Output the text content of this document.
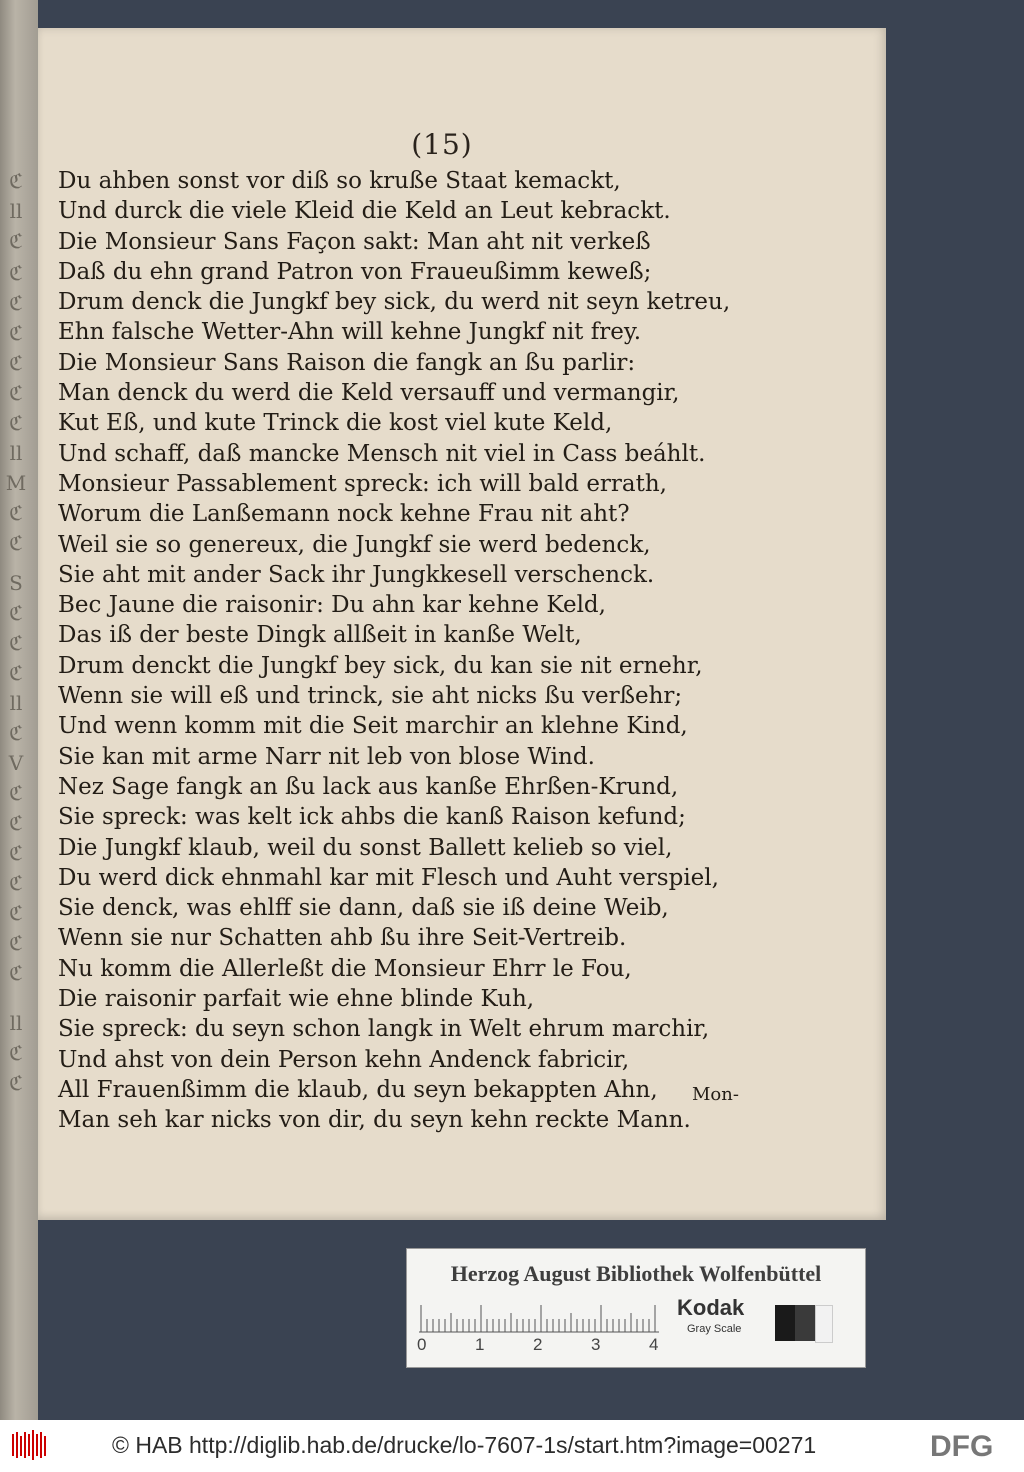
ℭ
ll
ℭ
ℭ
ℭ
ℭ
ℭ
ℭ
ℭ
ll
M
ℭ
ℭ
S
ℭ
ℭ
ℭ
ll
ℭ
V
ℭ
ℭ
ℭ
ℭ
ℭ
ℭ
ℭ
ll
ℭ
ℭ
(15)
Du ahben sonst vor diß so kruße Staat kemackt,
Und durck die viele Kleid die Keld an Leut kebrackt.
Die Monsieur Sans Façon sakt: Man aht nit verkeß
Daß du ehn grand Patron von Fraueußimm keweß;
Drum denck die Jungkf bey sick, du werd nit seyn ketreu,
Ehn falsche Wetter-Ahn will kehne Jungkf nit frey.
Die Monsieur Sans Raison die fangk an ßu parlir:
Man denck du werd die Keld versauff und vermangir,
Kut Eß, und kute Trinck die kost viel kute Keld,
Und schaff, daß mancke Mensch nit viel in Cass beáhlt.
Monsieur Passablement spreck: ich will bald errath,
Worum die Lanßemann nock kehne Frau nit aht?
Weil sie so genereux, die Jungkf sie werd bedenck,
Sie aht mit ander Sack ihr Jungkkesell verschenck.
Bec Jaune die raisonir: Du ahn kar kehne Keld,
Das iß der beste Dingk allßeit in kanße Welt,
Drum denckt die Jungkf bey sick, du kan sie nit ernehr,
Wenn sie will eß und trinck, sie aht nicks ßu verßehr;
Und wenn komm mit die Seit marchir an klehne Kind,
Sie kan mit arme Narr nit leb von blose Wind.
Nez Sage fangk an ßu lack aus kanße Ehrßen-Krund,
Sie spreck: was kelt ick ahbs die kanß Raison kefund;
Die Jungkf klaub, weil du sonst Ballett kelieb so viel,
Du werd dick ehnmahl kar mit Flesch und Auht verspiel,
Sie denck, was ehlff sie dann, daß sie iß deine Weib,
Wenn sie nur Schatten ahb ßu ihre Seit-Vertreib.
Nu komm die Allerleßt die Monsieur Ehrr le Fou,
Die raisonir parfait wie ehne blinde Kuh,
Sie spreck: du seyn schon langk in Welt ehrum marchir,
Und ahst von dein Person kehn Andenck fabricir,
All Frauenßimm die klaub, du seyn bekappten Ahn,
Man seh kar nicks von dir, du seyn kehn reckte Mann.
Mon-
Herzog August Bibliothek Wolfenbüttel
0	1	2	3	4
Kodak
Gray Scale
© HAB http://diglib.hab.de/drucke/lo-7607-1s/start.htm?image=00271	DFG
